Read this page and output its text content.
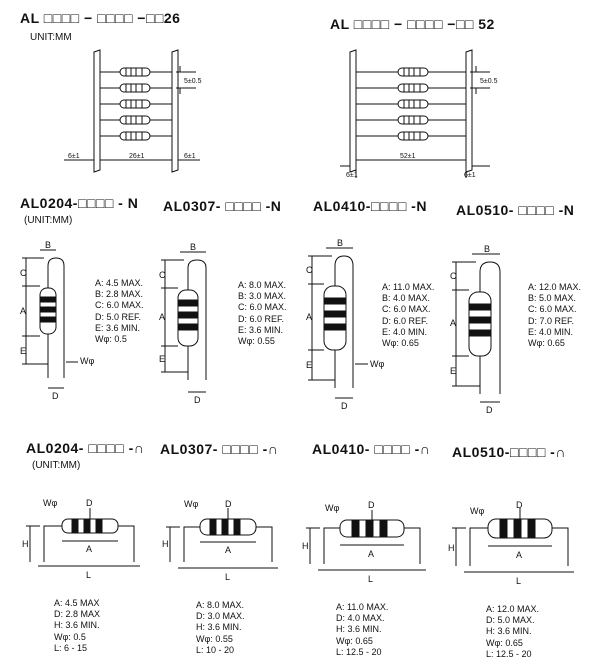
AL □□□□ − □□□□ −□□26
UNIT:MM
AL □□□□ − □□□□ −□□ 52
5±0.5
26±1
6±1	6±1
5±0.5
52±1
6±1	6±1
AL0204-□□□□ - N AL0307- □□□□ -N AL0410-□□□□ -N AL0510- □□□□ -N
(UNIT:MM)
B
C
A
E
D
Wφ
B
C
A
E
D
B
C
A
E
D
Wφ
B
C
A
E
D
A: 4.5 MAX.
B: 2.8 MAX.
C: 6.0 MAX.
D: 5.0 REF.
E: 3.6 MIN.
Wφ: 0.5
A: 8.0 MAX.
B: 3.0 MAX.
C: 6.0 MAX.
D: 6.0 REF.
E: 3.6 MIN.
Wφ: 0.55
A: 11.0 MAX.
B: 4.0 MAX.
C: 6.0 MAX.
D: 6.0 REF.
E: 4.0 MIN.
Wφ: 0.65
A: 12.0 MAX.
B: 5.0 MAX.
C: 6.0 MAX.
D: 7.0 REF.
E: 4.0 MIN.
Wφ: 0.65
AL0204- □□□□ -∩ AL0307- □□□□ -∩ AL0410- □□□□ -∩ AL0510-□□□□ -∩
(UNIT:MM)
Wφ	D
A
H
L
Wφ	D
A
H
L
Wφ	D
A
H
L
Wφ
D
A
H
L
A: 4.5 MAX
D: 2.8 MAX
H: 3.6 MIN.
Wφ: 0.5
L: 6 - 15
A: 8.0 MAX.
D: 3.0 MAX.
H: 3.6 MIN.
Wφ: 0.55
L: 10 - 20
A: 11.0 MAX.
D: 4.0 MAX.
H: 3.6 MIN.
Wφ: 0.65
L: 12.5 - 20
A: 12.0 MAX.
D: 5.0 MAX.
H: 3.6 MIN.
Wφ: 0.65
L: 12.5 - 20
